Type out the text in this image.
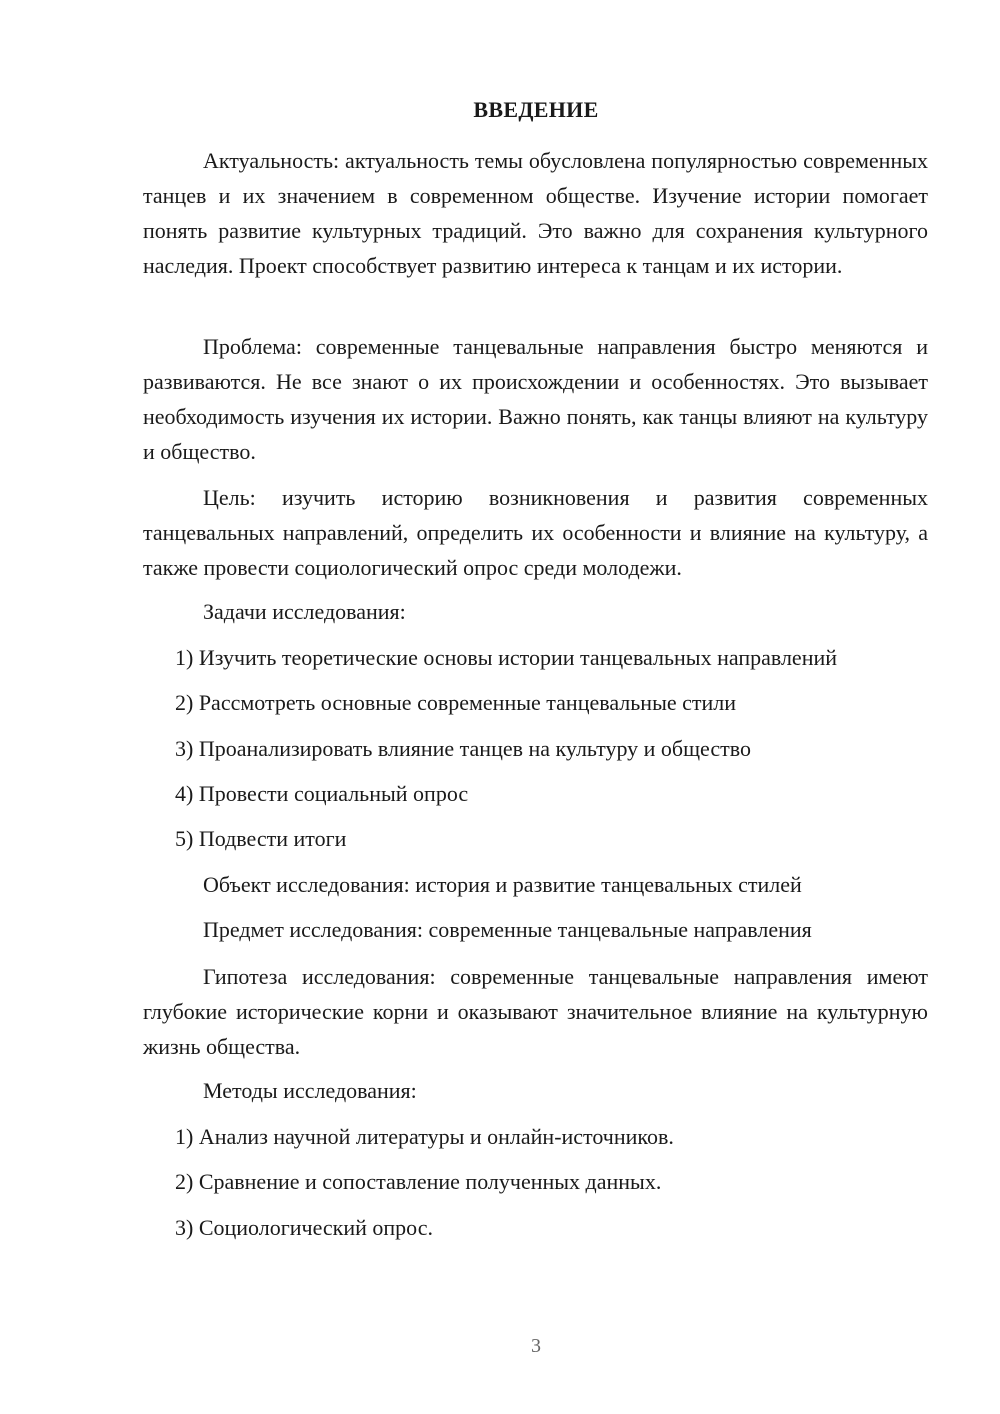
ВВЕДЕНИЕ

Актуальность: актуальность темы обусловлена популярностью современных танцев и их значением в современном обществе. Изучение истории помогает понять развитие культурных традиций. Это важно для сохранения культурного наследия. Проект способствует развитию интереса к танцам и их истории.

Проблема: современные танцевальные направления быстро меняются и развиваются. Не все знают о их происхождении и особенностях. Это вызывает необходимость изучения их истории. Важно понять, как танцы влияют на культуру и общество.

Цель: изучить историю возникновения и развития современных танцевальных направлений, определить их особенности и влияние на культуру, а также провести социологический опрос среди молодежи.

Задачи исследования:

1) Изучить теоретические основы истории танцевальных направлений

2) Рассмотреть основные современные танцевальные стили

3) Проанализировать влияние танцев на культуру и общество

4) Провести социальный опрос

5) Подвести итоги

Объект исследования: история и развитие танцевальных стилей

Предмет исследования: современные танцевальные направления

Гипотеза исследования: современные танцевальные направления имеют глубокие исторические корни и оказывают значительное влияние на культурную жизнь общества.

Методы исследования:

1) Анализ научной литературы и онлайн-источников.

2) Сравнение и сопоставление полученных данных.

3) Социологический опрос.

3
